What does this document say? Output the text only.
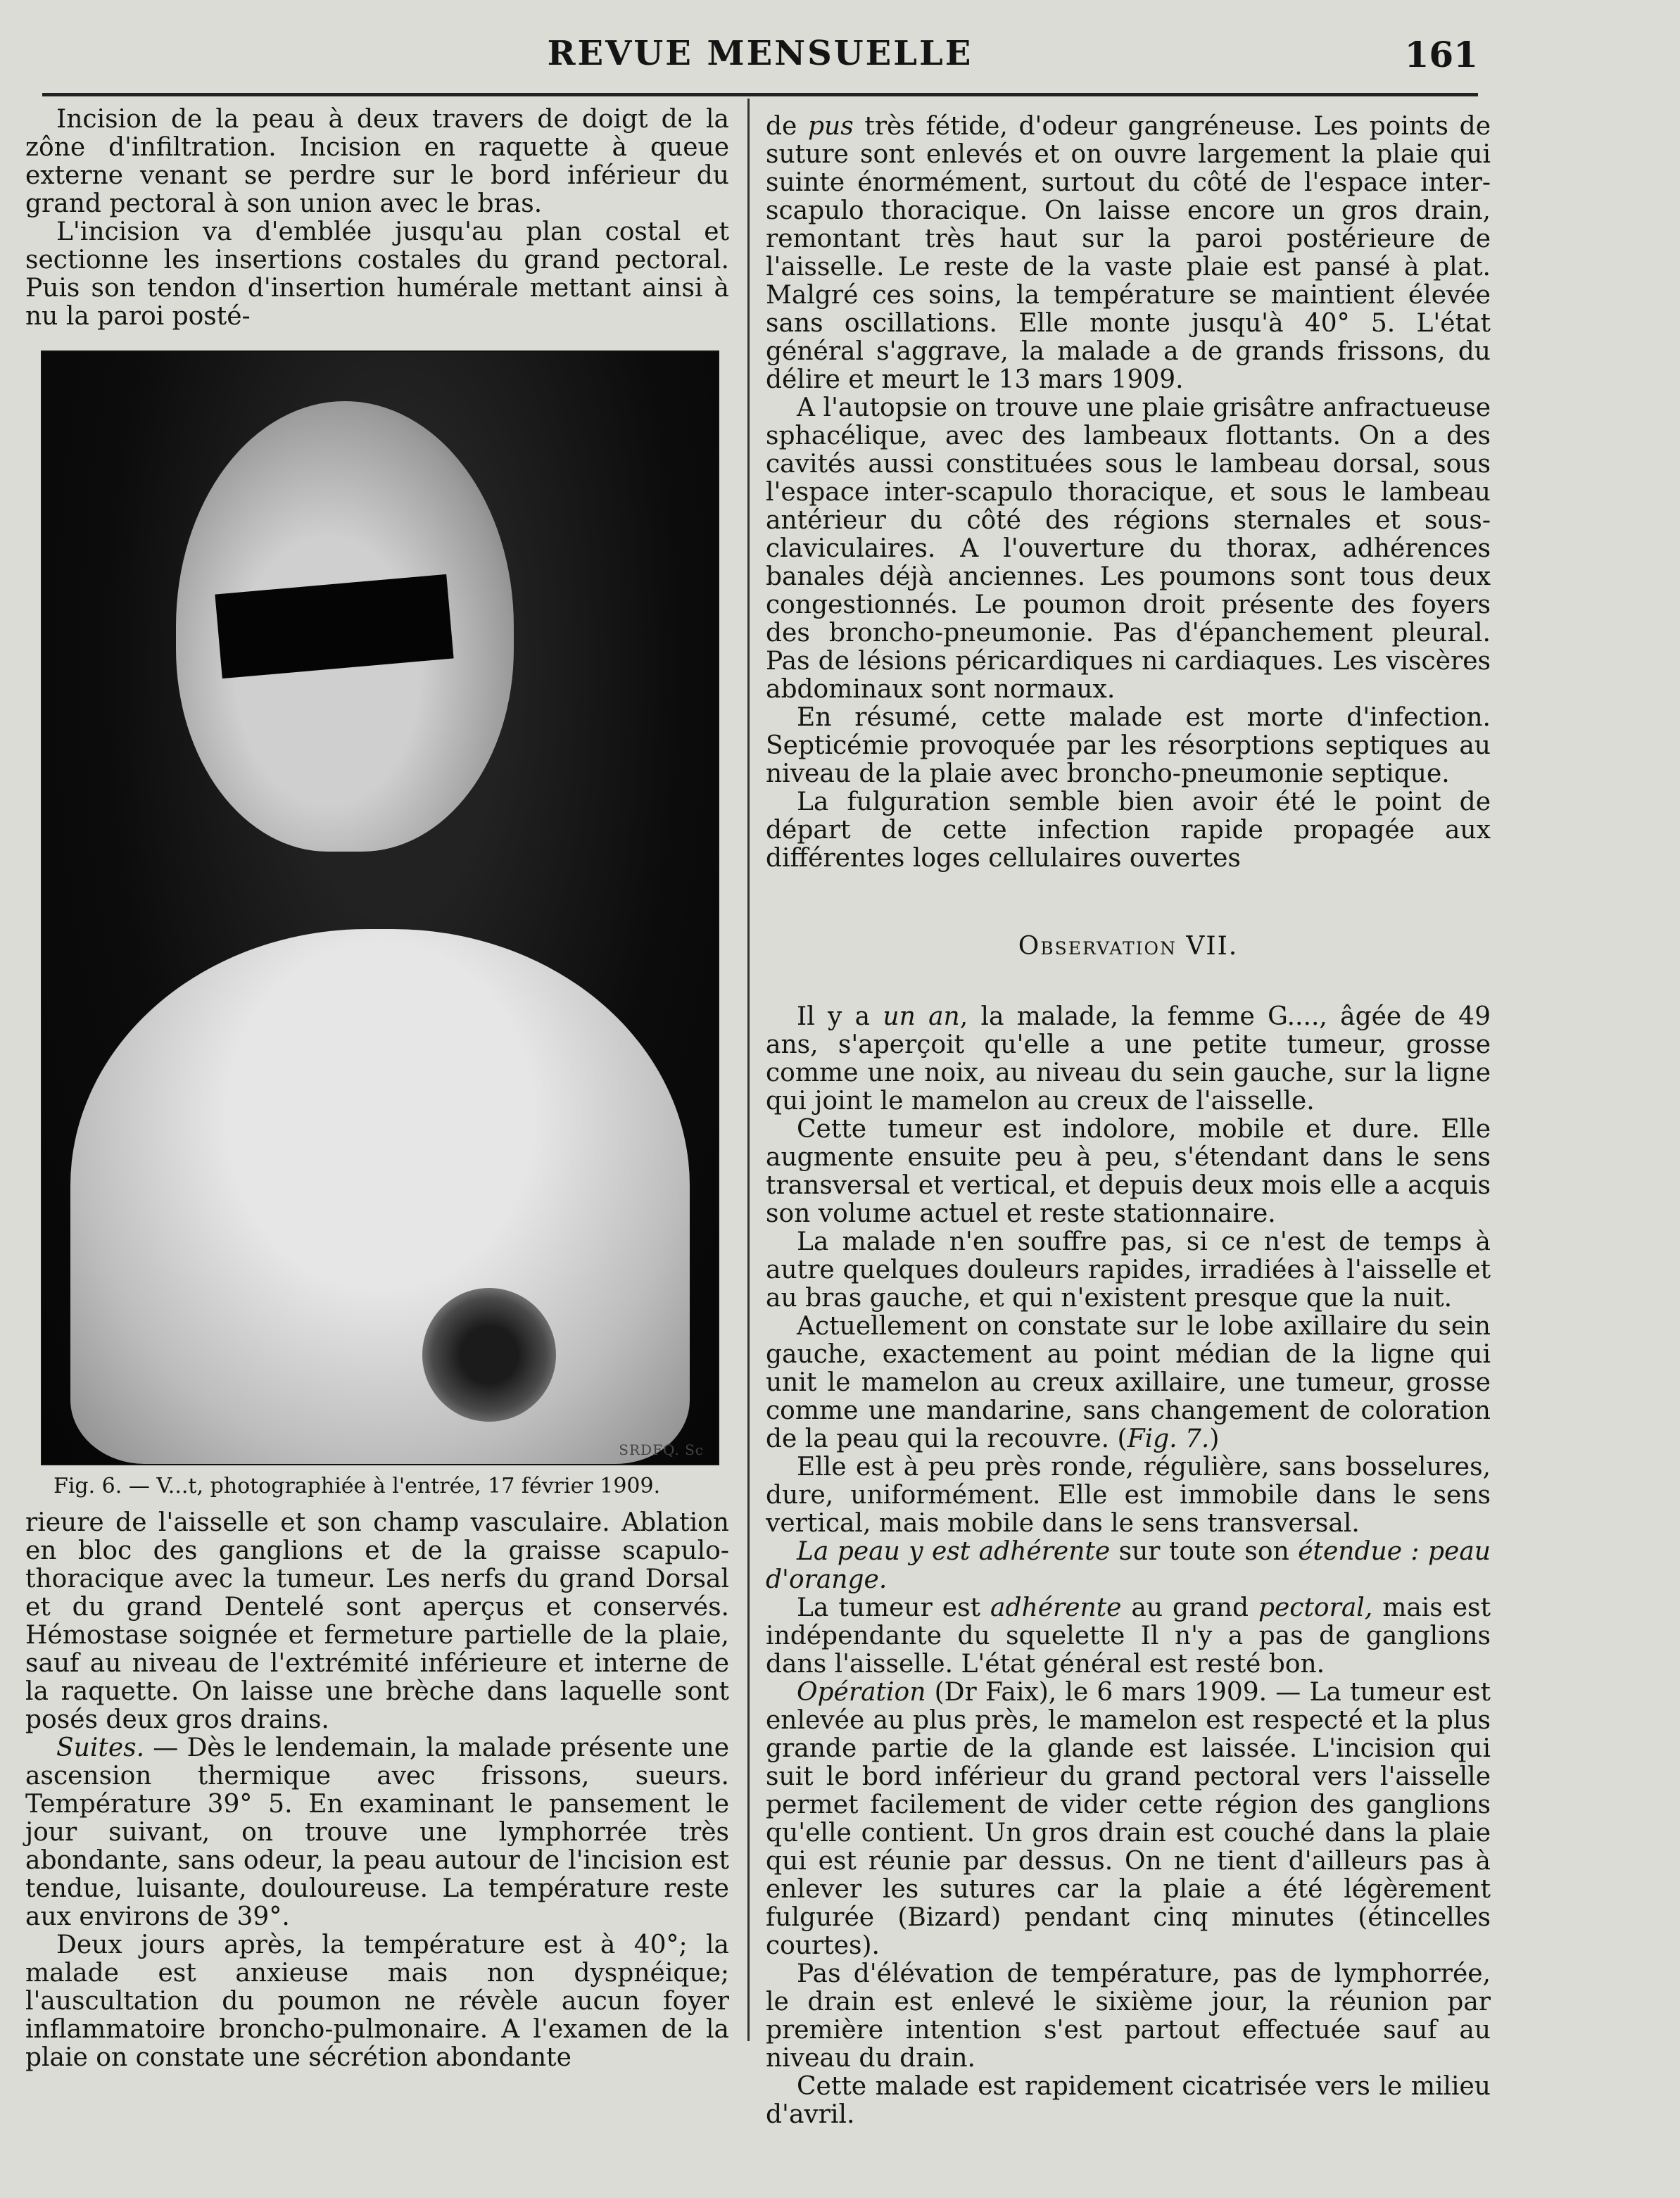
REVUE MENSUELLE	161

Incision de la peau à deux travers de doigt de la zône d'infiltration. Incision en raquette à queue externe venant se perdre sur le bord inférieur du grand pectoral à son union avec le bras.

L'incision va d'emblée jusqu'au plan costal et sectionne les insertions costales du grand pectoral. Puis son tendon d'insertion humérale mettant ainsi à nu la paroi posté-

SRDFQ. Sc
Fig. 6. — V...t, photographiée à l'entrée, 17 février 1909.

rieure de l'aisselle et son champ vasculaire. Ablation en bloc des ganglions et de la graisse scapulo-thoracique avec la tumeur. Les nerfs du grand Dorsal et du grand Dentelé sont aperçus et conservés. Hémostase soignée et fermeture partielle de la plaie, sauf au niveau de l'extrémité inférieure et interne de la raquette. On laisse une brèche dans laquelle sont posés deux gros drains.

Suites. — Dès le lendemain, la malade présente une ascension thermique avec frissons, sueurs. Température 39° 5. En examinant le pansement le jour suivant, on trouve une lymphorrée très abondante, sans odeur, la peau autour de l'incision est tendue, luisante, douloureuse. La température reste aux environs de 39°.

Deux jours après, la température est à 40°; la malade est anxieuse mais non dyspnéique; l'auscultation du poumon ne révèle aucun foyer inflammatoire broncho-pulmonaire. A l'examen de la plaie on constate une sécrétion abondante

de pus très fétide, d'odeur gangréneuse. Les points de suture sont enlevés et on ouvre largement la plaie qui suinte énormément, surtout du côté de l'espace inter-scapulo thoracique. On laisse encore un gros drain, remontant très haut sur la paroi postérieure de l'aisselle. Le reste de la vaste plaie est pansé à plat. Malgré ces soins, la température se maintient élevée sans oscillations. Elle monte jusqu'à 40° 5. L'état général s'aggrave, la malade a de grands frissons, du délire et meurt le 13 mars 1909.

A l'autopsie on trouve une plaie grisâtre anfractueuse sphacélique, avec des lambeaux flottants. On a des cavités aussi constituées sous le lambeau dorsal, sous l'espace inter-scapulo thoracique, et sous le lambeau antérieur du côté des régions sternales et sous-claviculaires. A l'ouverture du thorax, adhérences banales déjà anciennes. Les poumons sont tous deux congestionnés. Le poumon droit présente des foyers des broncho-pneumonie. Pas d'épanchement pleural. Pas de lésions péricardiques ni cardiaques. Les viscères abdominaux sont normaux.

En résumé, cette malade est morte d'infection. Septicémie provoquée par les résorptions septiques au niveau de la plaie avec broncho-pneumonie septique.

La fulguration semble bien avoir été le point de départ de cette infection rapide propagée aux différentes loges cellulaires ouvertes

Observation VII.

Il y a un an, la malade, la femme G...., âgée de 49 ans, s'aperçoit qu'elle a une petite tumeur, grosse comme une noix, au niveau du sein gauche, sur la ligne qui joint le mamelon au creux de l'aisselle.

Cette tumeur est indolore, mobile et dure. Elle augmente ensuite peu à peu, s'étendant dans le sens transversal et vertical, et depuis deux mois elle a acquis son volume actuel et reste stationnaire.

La malade n'en souffre pas, si ce n'est de temps à autre quelques douleurs rapides, irradiées à l'aisselle et au bras gauche, et qui n'existent presque que la nuit.

Actuellement on constate sur le lobe axillaire du sein gauche, exactement au point médian de la ligne qui unit le mamelon au creux axillaire, une tumeur, grosse comme une mandarine, sans changement de coloration de la peau qui la recouvre. (Fig. 7.)

Elle est à peu près ronde, régulière, sans bosselures, dure, uniformément. Elle est immobile dans le sens vertical, mais mobile dans le sens transversal.

La peau y est adhérente sur toute son étendue : peau d'orange.

La tumeur est adhérente au grand pectoral, mais est indépendante du squelette Il n'y a pas de ganglions dans l'aisselle. L'état général est resté bon.

Opération (Dr Faix), le 6 mars 1909. — La tumeur est enlevée au plus près, le mamelon est respecté et la plus grande partie de la glande est laissée. L'incision qui suit le bord inférieur du grand pectoral vers l'aisselle permet facilement de vider cette région des ganglions qu'elle contient. Un gros drain est couché dans la plaie qui est réunie par dessus. On ne tient d'ailleurs pas à enlever les sutures car la plaie a été légèrement fulgurée (Bizard) pendant cinq minutes (étincelles courtes).

Pas d'élévation de température, pas de lymphorrée, le drain est enlevé le sixième jour, la réunion par première intention s'est partout effectuée sauf au niveau du drain.

Cette malade est rapidement cicatrisée vers le milieu d'avril.
